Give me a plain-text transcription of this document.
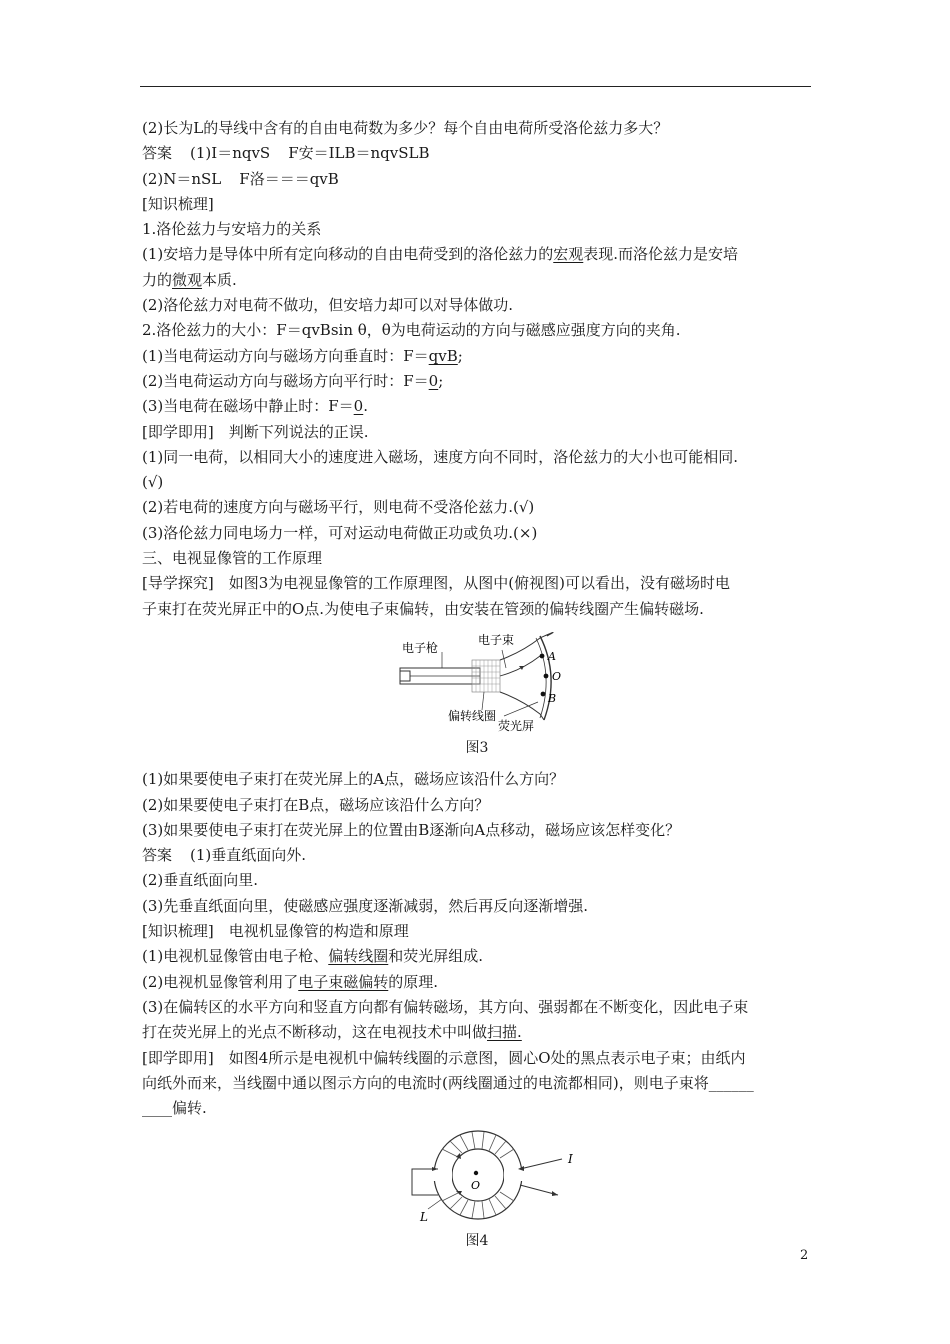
(2)长为L的导线中含有的自由电荷数为多少？每个自由电荷所受洛伦兹力多大？

答案 (1)I＝nqvS F安＝ILB＝nqvSLB

(2)N＝nSL F洛＝＝＝qvB

[知识梳理]

1.洛伦兹力与安培力的关系

(1)安培力是导体中所有定向移动的自由电荷受到的洛伦兹力的宏观表现.而洛伦兹力是安培

力的微观本质.

(2)洛伦兹力对电荷不做功，但安培力却可以对导体做功.

2.洛伦兹力的大小：F＝qvBsin θ，θ为电荷运动的方向与磁感应强度方向的夹角.

(1)当电荷运动方向与磁场方向垂直时：F＝qvB;

(2)当电荷运动方向与磁场方向平行时：F＝0;

(3)当电荷在磁场中静止时：F＝0.

[即学即用]　判断下列说法的正误.

(1)同一电荷，以相同大小的速度进入磁场，速度方向不同时，洛伦兹力的大小也可能相同.

(√)

(2)若电荷的速度方向与磁场平行，则电荷不受洛伦兹力.(√)

(3)洛伦兹力同电场力一样，可对运动电荷做正功或负功.(×)

三、电视显像管的工作原理

[导学探究]　如图3为电视显像管的工作原理图，从图中(俯视图)可以看出，没有磁场时电

子束打在荧光屏正中的O点.为使电子束偏转，由安装在管颈的偏转线圈产生偏转磁场.

电子枪
电子束
偏转线圈
荧光屏
A
O
B

图3

(1)如果要使电子束打在荧光屏上的A点，磁场应该沿什么方向？

(2)如果要使电子束打在B点，磁场应该沿什么方向？

(3)如果要使电子束打在荧光屏上的位置由B逐渐向A点移动，磁场应该怎样变化？

答案 (1)垂直纸面向外.

(2)垂直纸面向里.

(3)先垂直纸面向里，使磁感应强度逐渐减弱，然后再反向逐渐增强.

[知识梳理]　电视机显像管的构造和原理

(1)电视机显像管由电子枪、偏转线圈和荧光屏组成.

(2)电视机显像管利用了电子束磁偏转的原理.

(3)在偏转区的水平方向和竖直方向都有偏转磁场，其方向、强弱都在不断变化，因此电子束

打在荧光屏上的光点不断移动，这在电视技术中叫做扫描.

[即学即用]　如图4所示是电视机中偏转线圈的示意图，圆心O处的黑点表示电子束；由纸内

向纸外而来，当线圈中通以图示方向的电流时(两线圈通过的电流都相同)，则电子束将______

____偏转.

I
O
L

图4

2
